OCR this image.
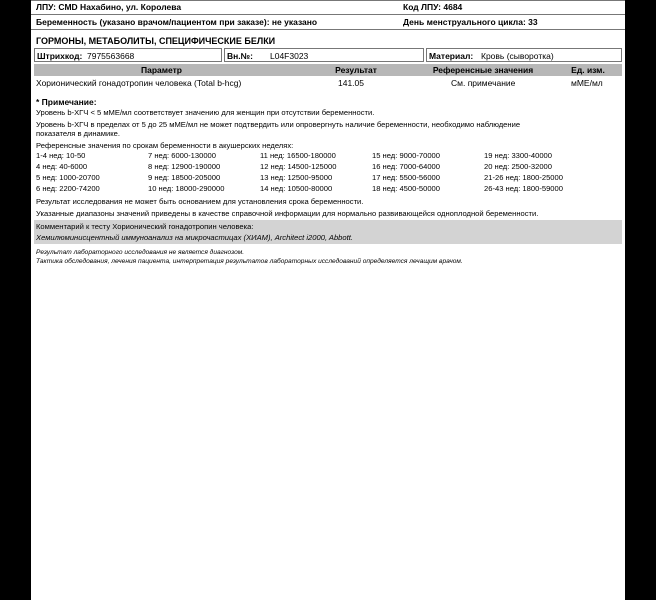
ЛПУ: CMD Нахабино, ул. Королева	Код ЛПУ: 4684
Беременность (указано врачом/пациентом при заказе): не указано	День менструального цикла: 33
ГОРМОНЫ, МЕТАБОЛИТЫ, СПЕЦИФИЧЕСКИЕ БЕЛКИ
Штрихкод: 7975563668	Вн.№: L04F3023	Материал: Кровь (сыворотка)
Параметр	Результат	Референсные значения	Ед. изм.
Хорионический гонадотропин человека (Total b-hcg)	141.05	См. примечание	мМЕ/мл
* Примечание:
Уровень b-ХГЧ < 5 мМЕ/мл соответствует значению для женщин при отсутствии беременности.
Уровень b-ХГЧ в пределах от 5 до 25 мМЕ/мл не может подтвердить или опровергнуть наличие беременности, необходимо наблюдение
показателя в динамике.
Референсные значения по срокам беременности в акушерских неделях:
1-4 нед: 10-50	7 нед: 6000-130000	11 нед: 16500-180000	15 нед: 9000-70000	19 нед: 3300-40000
4 нед: 40-6000	8 нед: 12900-190000	12 нед: 14500-125000	16 нед: 7000-64000	20 нед: 2500-32000
5 нед: 1000-20700	9 нед: 18500-205000	13 нед: 12500-95000	17 нед: 5500-56000	21-26 нед: 1800-25000
6 нед: 2200-74200	10 нед: 18000-290000	14 нед: 10500-80000	18 нед: 4500-50000	26-43 нед: 1800-59000
Результат исследования не может быть основанием для установления срока беременности.
Указанные диапазоны значений приведены в качестве справочной информации для нормально развивающейся одноплодной беременности.
Комментарий к тесту Хорионический гонадотропин человека:
Хемилюминисцентный иммуноанализ на микрочастицах (ХИАМ), Architect i2000, Abbott.
Результат лабораторного исследования не является диагнозом.
Тактика обследования, лечения пациента, интерпретация результатов лабораторных исследований определяется лечащим врачом.
